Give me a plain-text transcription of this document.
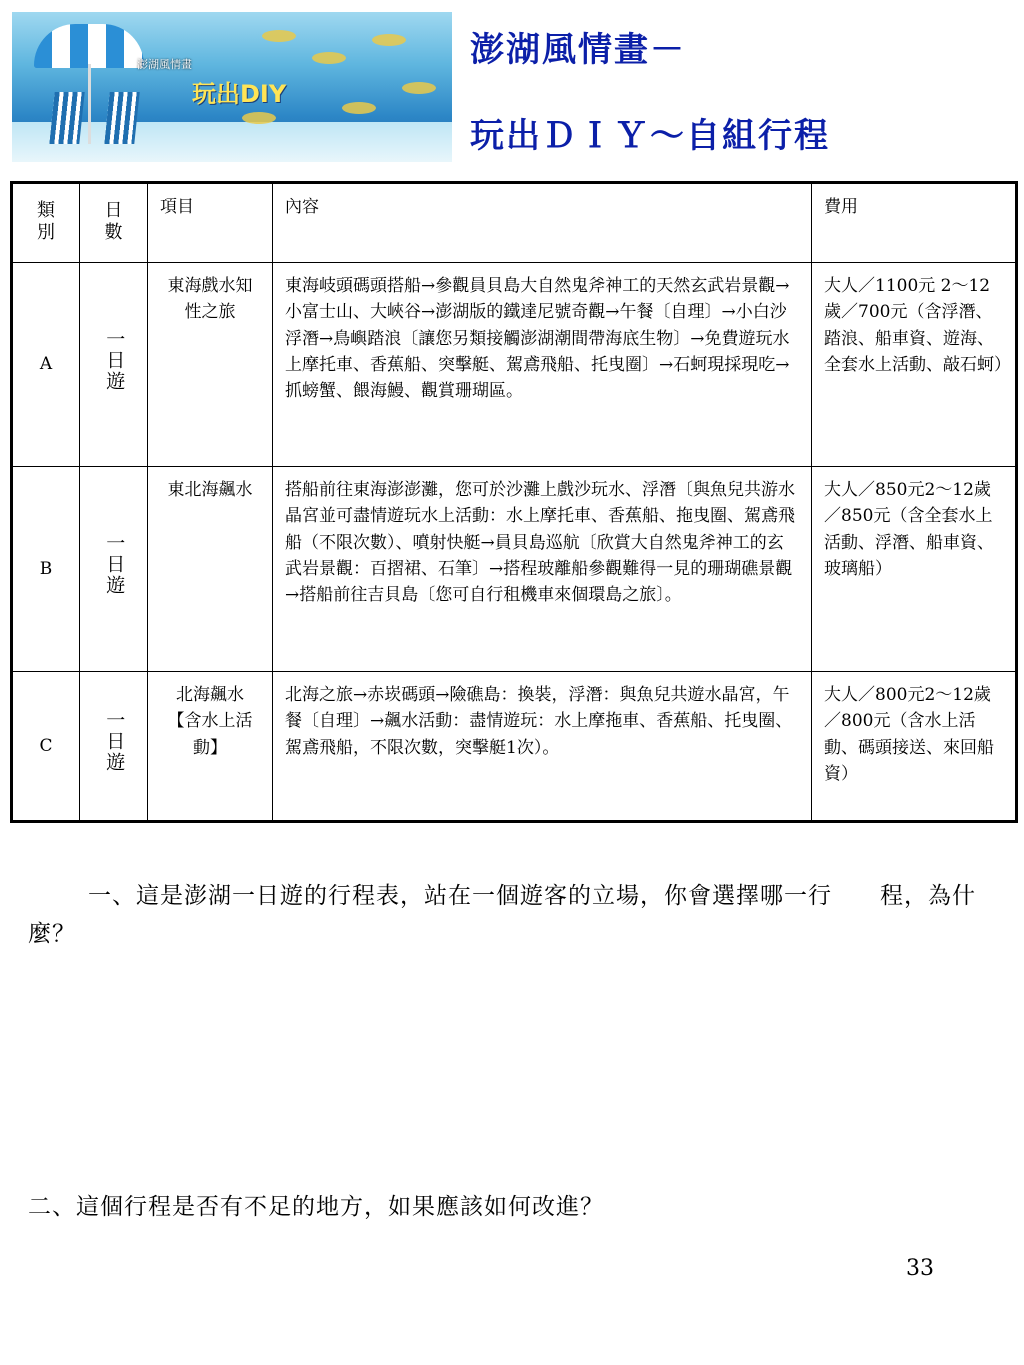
澎湖風情畫
玩出DIY
澎湖風情畫－
玩出ＤＩＹ～自組行程
類別	日數	項目	內容	費用
A	一日遊	東海戲水知性之旅	東海岐頭碼頭搭船→參觀員貝島大自然鬼斧神工的天然玄武岩景觀→小富士山、大峽谷→澎湖版的鐵達尼號奇觀→午餐〔自理〕→小白沙浮潛→鳥嶼踏浪〔讓您另類接觸澎湖潮間帶海底生物〕→免費遊玩水上摩托車、香蕉船、突擊艇、駕鳶飛船、托曳圈〕→石蚵現採現吃→抓螃蟹、餵海鰻、觀賞珊瑚區。	大人／1100元 2～12歲／700元（含浮潛、踏浪、船車資、遊海、全套水上活動、敲石蚵）
B	一日遊	東北海飆水	搭船前往東海澎澎灘，您可於沙灘上戲沙玩水、浮潛〔與魚兒共游水晶宮並可盡情遊玩水上活動：水上摩托車、香蕉船、拖曳圈、駕鳶飛船（不限次數）、噴射快艇→員貝島巡航〔欣賞大自然鬼斧神工的玄武岩景觀：百摺裙、石筆〕→搭程玻離船參觀難得一見的珊瑚礁景觀　→搭船前往吉貝島〔您可自行租機車來個環島之旅〕。	大人／850元2～12歲／850元（含全套水上活動、浮潛、船車資、玻璃船）
C	一日遊	北海飆水【含水上活動】	北海之旅→赤崁碼頭→險礁島：換裝，浮潛：與魚兒共遊水晶宮，午餐〔自理〕→飆水活動：盡情遊玩：水上摩拖車、香蕉船、托曳圈、駕鳶飛船，不限次數，突擊艇1次）。	大人／800元2～12歲／800元（含水上活動、碼頭接送、來回船資）
一、這是澎湖一日遊的行程表，站在一個遊客的立場，你會選擇哪一行　　程，為什麼？
二、這個行程是否有不足的地方，如果應該如何改進？
33
